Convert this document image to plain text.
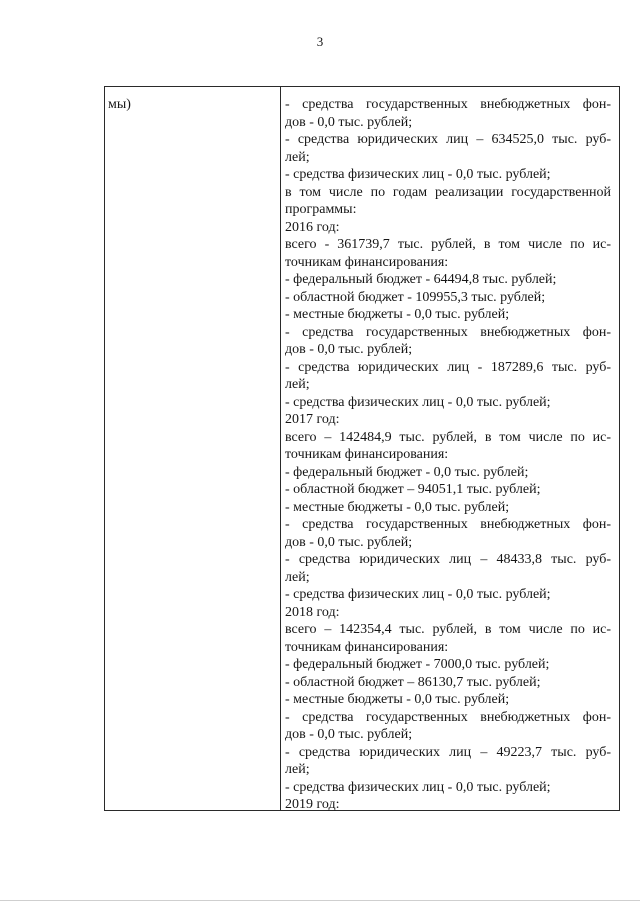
3
мы)	- средства государственных внебюджетных фон-
дов - 0,0 тыс. рублей;
- средства юридических лиц – 634525,0 тыс. руб-
лей;
- средства физических лиц - 0,0 тыс. рублей;
в том числе по годам реализации государственной
программы:
2016 год:
всего - 361739,7 тыс. рублей, в том числе по ис-
точникам финансирования:
- федеральный бюджет - 64494,8 тыс. рублей;
- областной бюджет - 109955,3 тыс. рублей;
- местные бюджеты - 0,0 тыс. рублей;
- средства государственных внебюджетных фон-
дов - 0,0 тыс. рублей;
- средства юридических лиц - 187289,6 тыс. руб-
лей;
- средства физических лиц - 0,0 тыс. рублей;
2017 год:
всего – 142484,9 тыс. рублей, в том числе по ис-
точникам финансирования:
- федеральный бюджет - 0,0 тыс. рублей;
- областной бюджет – 94051,1 тыс. рублей;
- местные бюджеты - 0,0 тыс. рублей;
- средства государственных внебюджетных фон-
дов - 0,0 тыс. рублей;
- средства юридических лиц – 48433,8 тыс. руб-
лей;
- средства физических лиц - 0,0 тыс. рублей;
2018 год:
всего – 142354,4 тыс. рублей, в том числе по ис-
точникам финансирования:
- федеральный бюджет - 7000,0 тыс. рублей;
- областной бюджет – 86130,7 тыс. рублей;
- местные бюджеты - 0,0 тыс. рублей;
- средства государственных внебюджетных фон-
дов - 0,0 тыс. рублей;
- средства юридических лиц – 49223,7 тыс. руб-
лей;
- средства физических лиц - 0,0 тыс. рублей;
2019 год:
